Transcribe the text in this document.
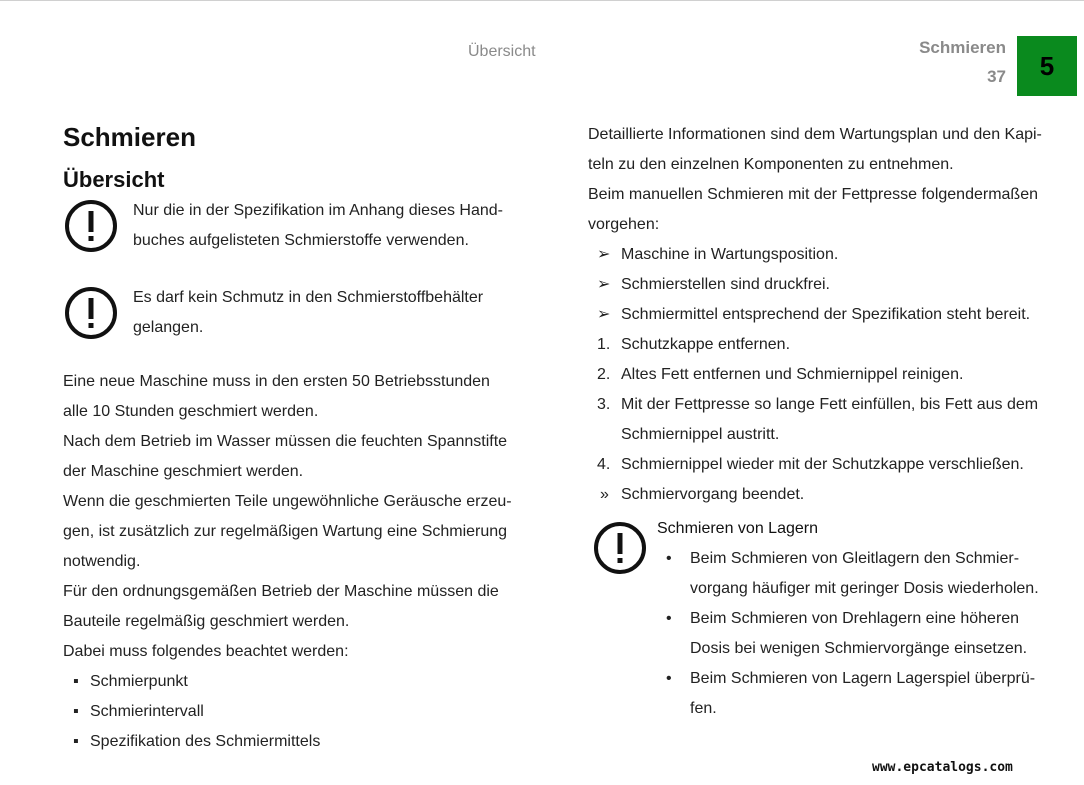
Übersicht	Schmieren
37	5
Schmieren
Übersicht
Nur die in der Spezifikation im Anhang dieses Hand-
buches aufgelisteten Schmierstoffe verwenden.
Es darf kein Schmutz in den Schmierstoffbehälter
gelangen.
Eine neue Maschine muss in den ersten 50 Betriebsstunden
alle 10 Stunden geschmiert werden.
Nach dem Betrieb im Wasser müssen die feuchten Spannstifte
der Maschine geschmiert werden.
Wenn die geschmierten Teile ungewöhnliche Geräusche erzeu-
gen, ist zusätzlich zur regelmäßigen Wartung eine Schmierung
notwendig.
Für den ordnungsgemäßen Betrieb der Maschine müssen die
Bauteile regelmäßig geschmiert werden.
Dabei muss folgendes beachtet werden:
▪ Schmierpunkt
▪ Schmierintervall
▪ Spezifikation des Schmiermittels
Detaillierte Informationen sind dem Wartungsplan und den Kapi-
teln zu den einzelnen Komponenten zu entnehmen.
Beim manuellen Schmieren mit der Fettpresse folgendermaßen
vorgehen:
➢ Maschine in Wartungsposition.
➢ Schmierstellen sind druckfrei.
➢ Schmiermittel entsprechend der Spezifikation steht bereit.
1. Schutzkappe entfernen.
2. Altes Fett entfernen und Schmiernippel reinigen.
3. Mit der Fettpresse so lange Fett einfüllen, bis Fett aus dem
Schmiernippel austritt.
4. Schmiernippel wieder mit der Schutzkappe verschließen.
» Schmiervorgang beendet.
Schmieren von Lagern
• Beim Schmieren von Gleitlagern den Schmier-
vorgang häufiger mit geringer Dosis wiederholen.
• Beim Schmieren von Drehlagern eine höheren
Dosis bei wenigen Schmiervorgänge einsetzen.
• Beim Schmieren von Lagern Lagerspiel überprü-
fen.
www.epcatalogs.com
